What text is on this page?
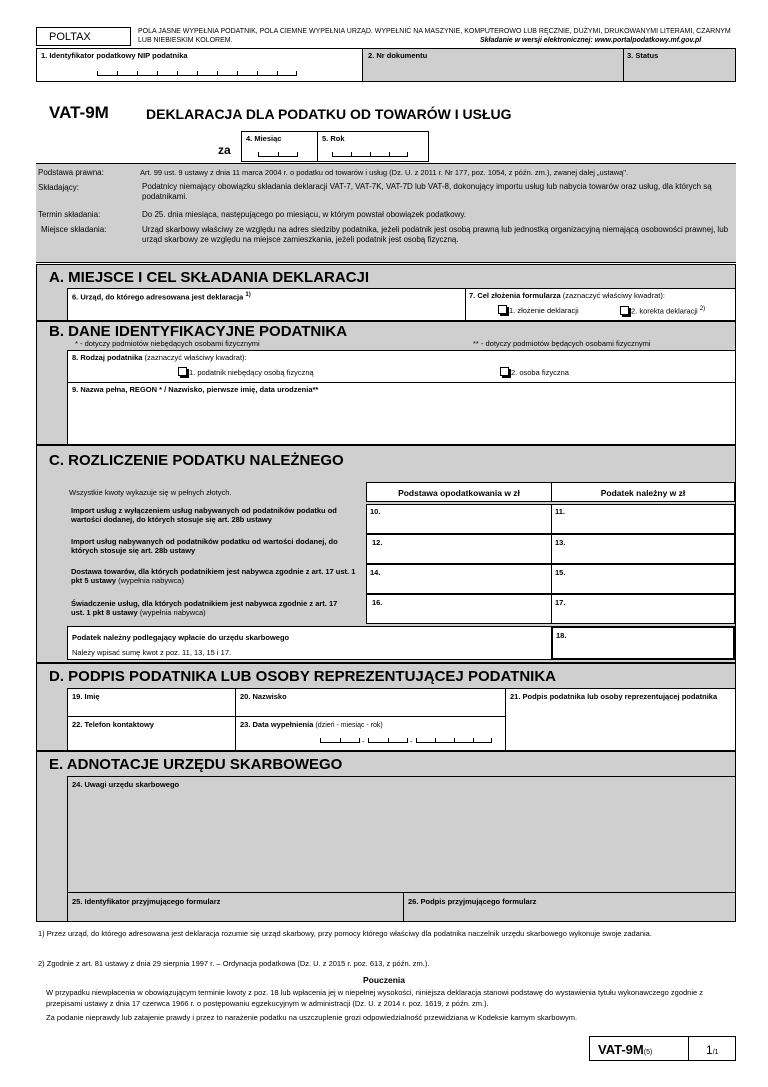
POLTAX	POLA JASNE WYPEŁNIA PODATNIK, POLA CIEMNE WYPEŁNIA URZĄD. WYPEŁNIĆ NA MASZYNIE, KOMPUTEROWO LUB RĘCZNIE, DUŻYMI, DRUKOWANYMI LITERAMI, CZARNYM LUB NIEBIESKIM KOLOREM.	Składanie w wersji elektronicznej: www.portalpodatkowy.mf.gov.pl
1. Identyfikator podatkowy NIP podatnika	2. Nr dokumentu	3. Status
VAT-9M	DEKLARACJA DLA PODATKU OD TOWARÓW I USŁUG
za
4. Miesiąc	5. Rok
Podstawa prawna:	Art. 99 ust. 9 ustawy z dnia 11 marca 2004 r. o podatku od towarów i usług (Dz. U. z 2011 r. Nr 177, poz. 1054, z późn. zm.), zwanej dalej „ustawą".
Składający:	Podatnicy niemający obowiązku składania deklaracji VAT-7, VAT-7K, VAT-7D lub VAT-8, dokonujący importu usług lub nabycia towarów oraz usług, dla których są podatnikami.
Termin składania:	Do 25. dnia miesiąca, następującego po miesiącu, w którym powstał obowiązek podatkowy.
Miejsce składania:	Urząd skarbowy właściwy ze względu na adres siedziby podatnika, jeżeli podatnik jest osobą prawną lub jednostką organizacyjną niemającą osobowości prawnej, lub urząd skarbowy ze względu na miejsce zamieszkania, jeżeli podatnik jest osobą fizyczną.
A. MIEJSCE I CEL SKŁADANIA DEKLARACJI
6. Urząd, do którego adresowana jest deklaracja $^{1)}$	7. Cel złożenia formularza (zaznaczyć właściwy kwadrat):
1. złożenie deklaracji	2. korekta deklaracji $^{2)}$
B. DANE IDENTYFIKACYJNE PODATNIKA
* - dotyczy podmiotów niebędących osobami fizycznymi	** - dotyczy podmiotów będących osobami fizycznymi
8. Rodzaj podatnika (zaznaczyć właściwy kwadrat):
1. podatnik niebędący osobą fizyczną	2. osoba fizyczna
9. Nazwa pełna, REGON * / Nazwisko, pierwsze imię, data urodzenia**
C. ROZLICZENIE PODATKU NALEŻNEGO
Wszystkie kwoty wykazuje się w pełnych złotych.	Podstawa opodatkowania w zł	Podatek należny w zł
Import usług z wyłączeniem usług nabywanych od podatników podatku od wartości dodanej, do których stosuje się art. 28b ustawy
10.	11.
Import usług nabywanych od podatników podatku od wartości dodanej, do których stosuje się art. 28b ustawy
12.	13.
Dostawa towarów, dla których podatnikiem jest nabywca zgodnie z art. 17 ust. 1 pkt 5 ustawy (wypełnia nabywca)
14.	15.
Świadczenie usług, dla których podatnikiem jest nabywca zgodnie z art. 17 ust. 1 pkt 8 ustawy (wypełnia nabywca)
16.	17.
Podatek należny podlegający wpłacie do urzędu skarbowego
Należy wpisać sumę kwot z poz. 11, 13, 15 i 17.
18.
D. PODPIS PODATNIKA LUB OSOBY REPREZENTUJĄCEJ PODATNIKA
19. Imię	20. Nazwisko	21. Podpis podatnika lub osoby reprezentującej podatnika
22. Telefon kontaktowy	23. Data wypełnienia (dzień - miesiąc - rok)
-	-
E. ADNOTACJE URZĘDU SKARBOWEGO
24. Uwagi urzędu skarbowego
25. Identyfikator przyjmującego formularz	26. Podpis przyjmującego formularz
1) Przez urząd, do którego adresowana jest deklaracja rozumie się urząd skarbowy, przy pomocy którego właściwy dla podatnika naczelnik urzędu skarbowego wykonuje swoje zadania.
2) Zgodnie z art. 81 ustawy z dnia 29 sierpnia 1997 r. – Ordynacja podatkowa (Dz. U. z 2015 r. poz. 613, z późn. zm.).
Pouczenia
W przypadku niewpłacenia w obowiązującym terminie kwoty z poz. 18 lub wpłacenia jej w niepełnej wysokości, niniejsza deklaracja stanowi podstawę do wystawienia tytułu wykonawczego zgodnie z przepisami ustawy z dnia 17 czerwca 1966 r. o postępowaniu egzekucyjnym w administracji (Dz. U. z 2014 r. poz. 1619, z późn. zm.).
Za podanie nieprawdy lub zatajenie prawdy i przez to narażenie podatku na uszczuplenie grozi odpowiedzialność przewidziana w Kodeksie karnym skarbowym.
VAT-9M(5)	1/1
